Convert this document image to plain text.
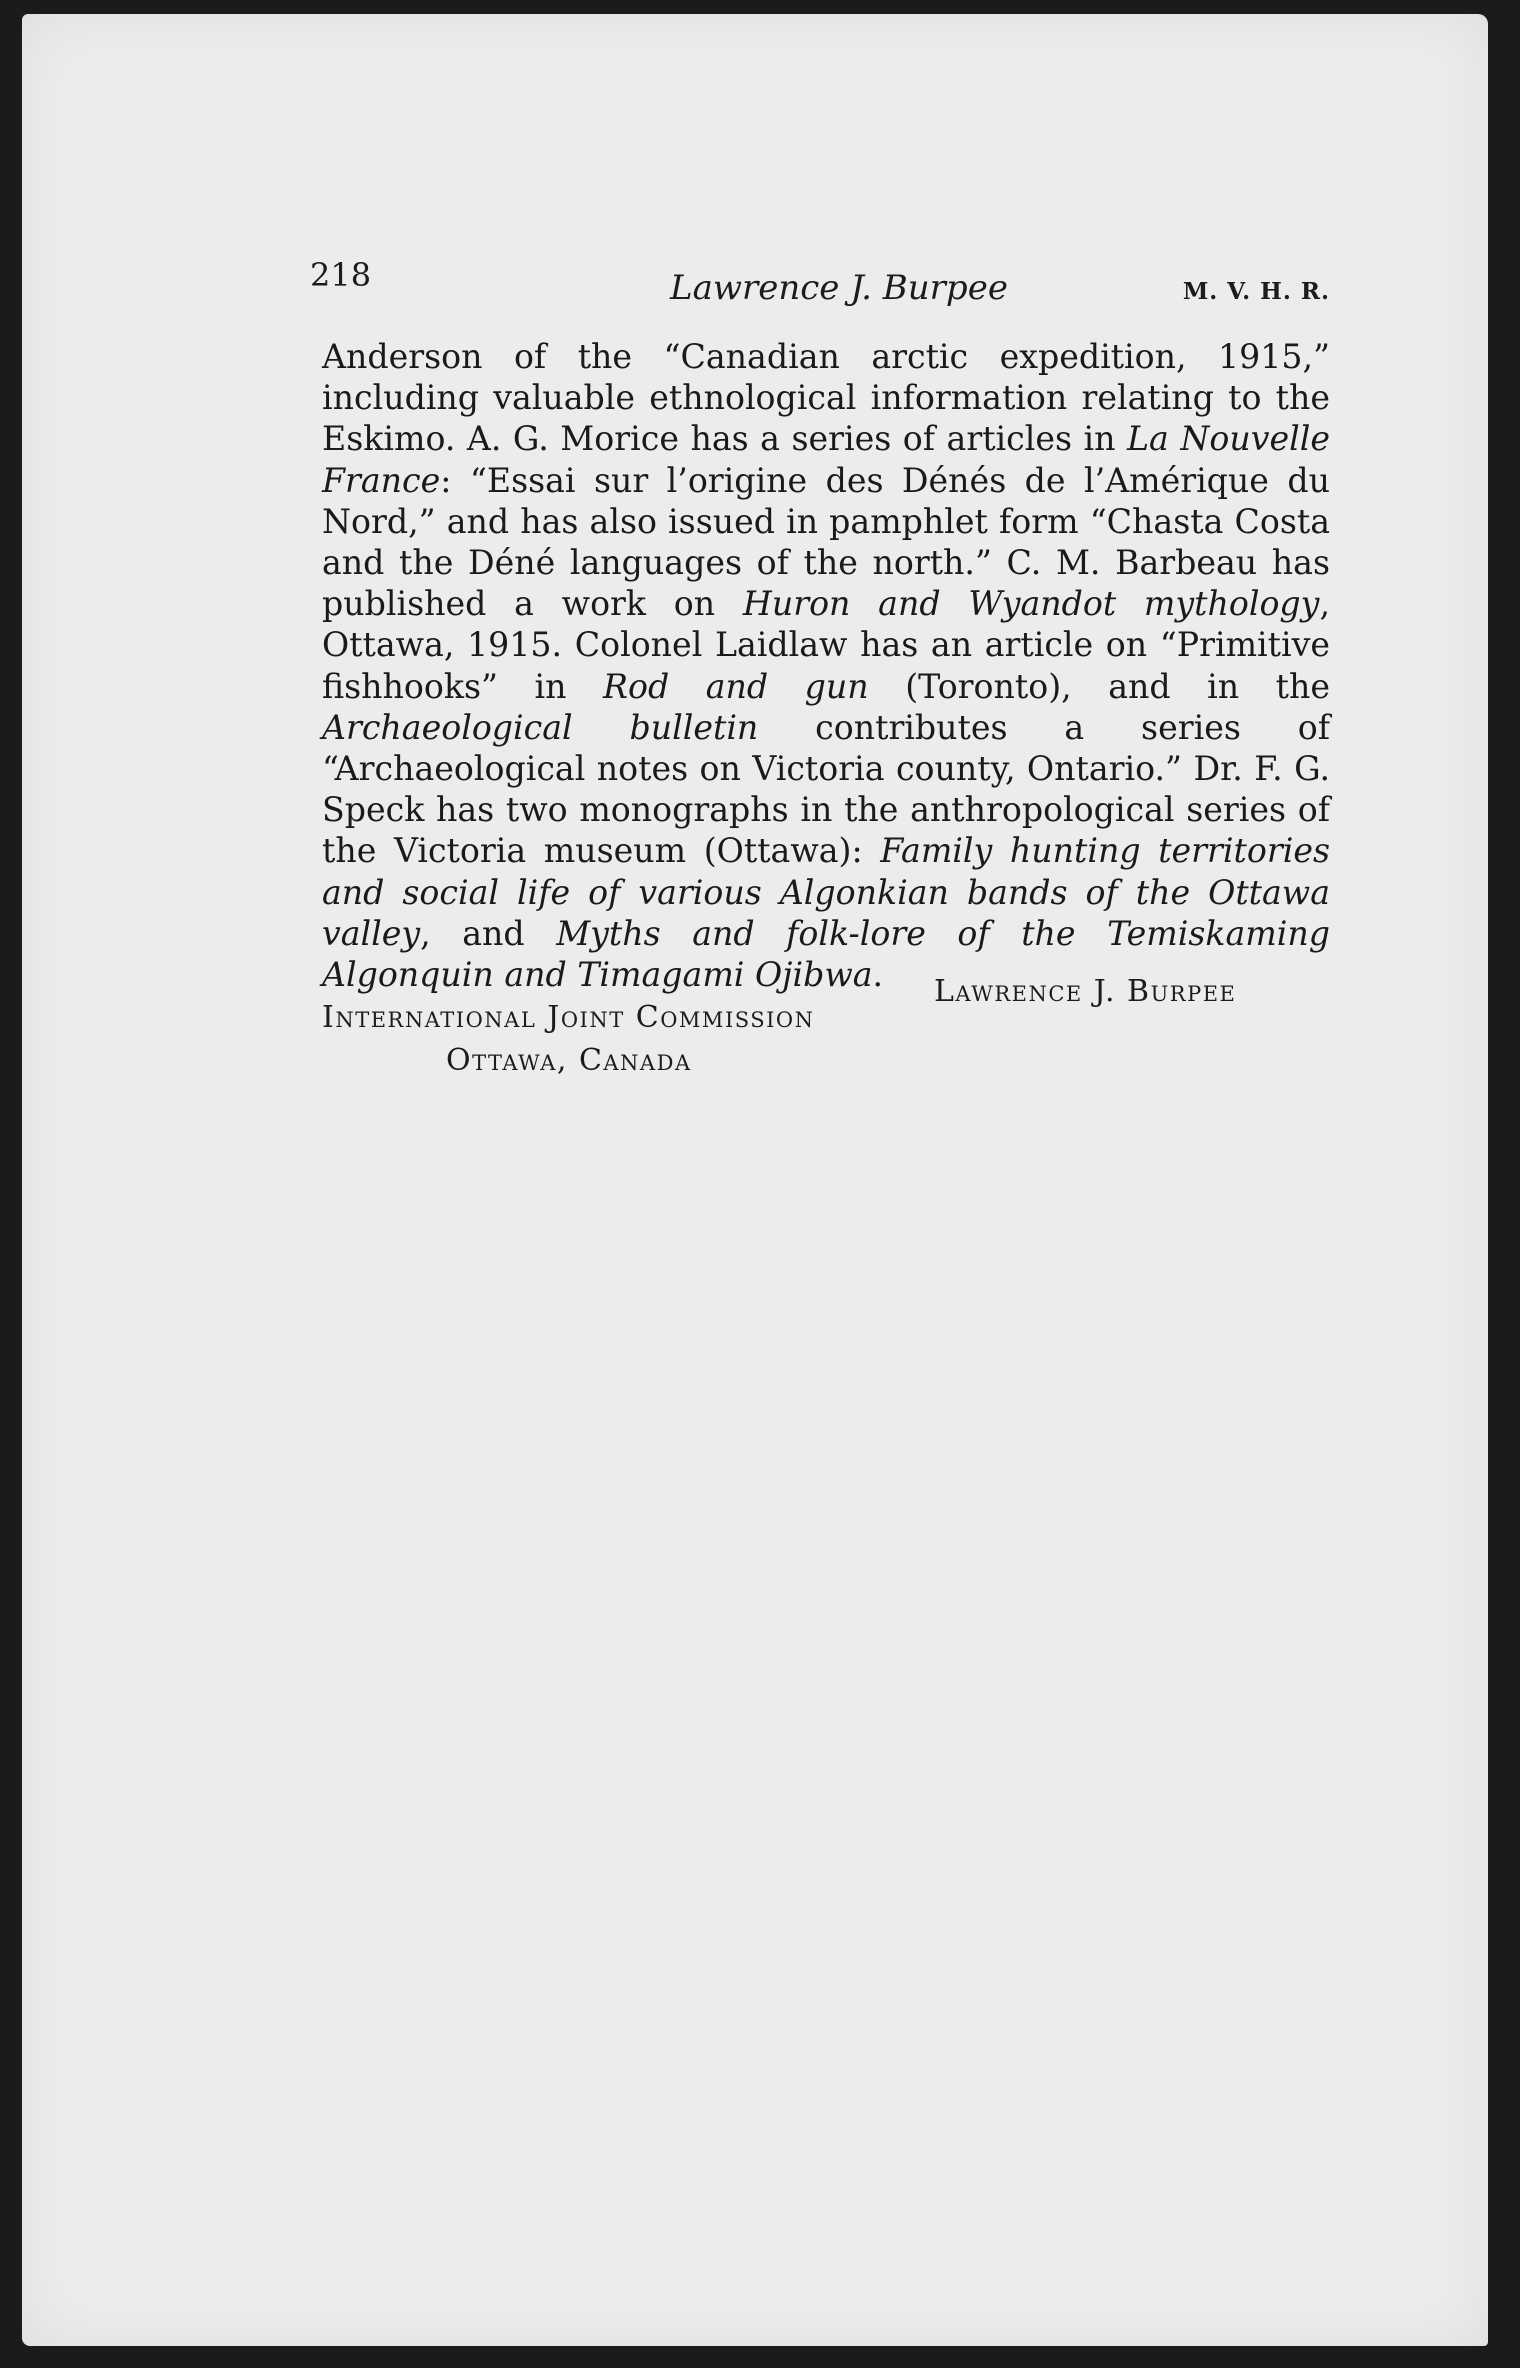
218	Lawrence J. Burpee	M. V. H. R.

Anderson of the “Canadian arctic expedition, 1915,” including valuable ethnological information relating to the Eskimo. A. G. Morice has a series of articles in La Nouvelle France: “Essai sur l’origine des Dénés de l’Amérique du Nord,” and has also issued in pamphlet form “Chasta Costa and the Déné languages of the north.” C. M. Barbeau has published a work on Huron and Wyandot mythology, Ottawa, 1915. Colonel Laidlaw has an article on “Primitive fishhooks” in Rod and gun (Toronto), and in the Archaeological bulletin contributes a series of “Archaeological notes on Victoria county, Ontario.” Dr. F. G. Speck has two monographs in the anthropological series of the Victoria museum (Ottawa): Family hunting territories and social life of various Algonkian bands of the Ottawa valley, and Myths and folk-lore of the Temiskaming Algonquin and Timagami Ojibwa.	Lawrence J. Burpee
International Joint Commission
Ottawa, Canada
